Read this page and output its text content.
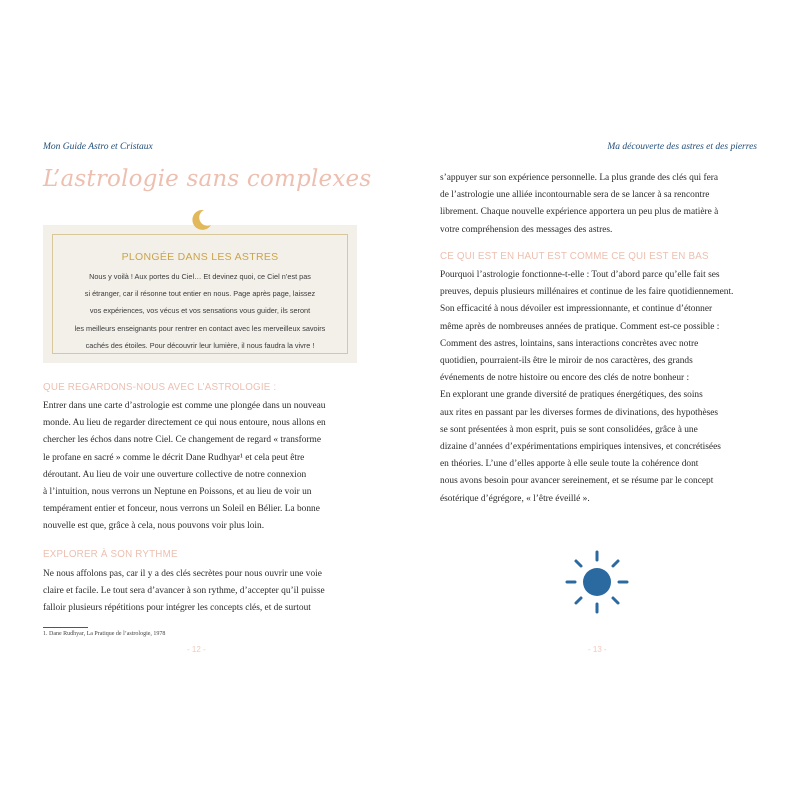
Mon Guide Astro et Cristaux
L’astrologie sans complexes
PLONGÉE DANS LES ASTRES
Nous y voilà ! Aux portes du Ciel… Et devinez quoi, ce Ciel n’est pas
si étranger, car il résonne tout entier en nous. Page après page, laissez
vos expériences, vos vécus et vos sensations vous guider, ils seront
les meilleurs enseignants pour rentrer en contact avec les merveilleux savoirs
cachés des étoiles. Pour découvrir leur lumière, il nous faudra la vivre !
QUE REGARDONS-NOUS AVEC L’ASTROLOGIE :
Entrer dans une carte d’astrologie est comme une plongée dans un nouveau
monde. Au lieu de regarder directement ce qui nous entoure, nous allons en
chercher les échos dans notre Ciel. Ce changement de regard « transforme
le profane en sacré » comme le décrit Dane Rudhyar¹ et cela peut être
déroutant. Au lieu de voir une ouverture collective de notre connexion
à l’intuition, nous verrons un Neptune en Poissons, et au lieu de voir un
tempérament entier et fonceur, nous verrons un Soleil en Bélier. La bonne
nouvelle est que, grâce à cela, nous pouvons voir plus loin.
EXPLORER À SON RYTHME
Ne nous affolons pas, car il y a des clés secrètes pour nous ouvrir une voie
claire et facile. Le tout sera d’avancer à son rythme, d’accepter qu’il puisse
falloir plusieurs répétitions pour intégrer les concepts clés, et de surtout
1. Dane Rudhyar, La Pratique de l’astrologie, 1978
- 12 -
Ma découverte des astres et des pierres
s’appuyer sur son expérience personnelle. La plus grande des clés qui fera
de l’astrologie une alliée incontournable sera de se lancer à sa rencontre
librement. Chaque nouvelle expérience apportera un peu plus de matière à
votre compréhension des messages des astres.
CE QUI EST EN HAUT EST COMME CE QUI EST EN BAS
Pourquoi l’astrologie fonctionne-t-elle : Tout d’abord parce qu’elle fait ses
preuves, depuis plusieurs millénaires et continue de les faire quotidiennement.
Son efficacité à nous dévoiler est impressionnante, et continue d’étonner
même après de nombreuses années de pratique. Comment est-ce possible :
Comment des astres, lointains, sans interactions concrètes avec notre
quotidien, pourraient-ils être le miroir de nos caractères, des grands
événements de notre histoire ou encore des clés de notre bonheur :
En explorant une grande diversité de pratiques énergétiques, des soins
aux rites en passant par les diverses formes de divinations, des hypothèses
se sont présentées à mon esprit, puis se sont consolidées, grâce à une
dizaine d’années d’expérimentations empiriques intensives, et concrétisées
en théories. L’une d’elles apporte à elle seule toute la cohérence dont
nous avons besoin pour avancer sereinement, et se résume par le concept
ésotérique d’égrégore, « l’être éveillé ».
- 13 -
